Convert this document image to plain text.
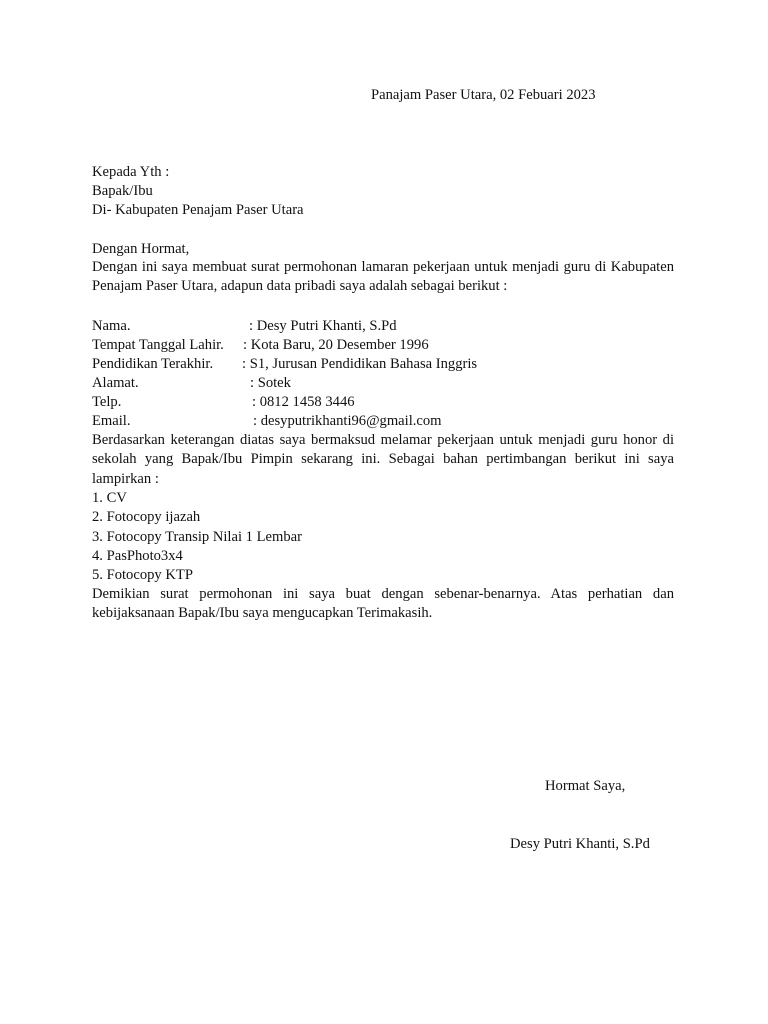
Panajam Paser Utara, 02 Febuari 2023
Kepada Yth :
Bapak/Ibu
Di- Kabupaten Penajam Paser Utara
Dengan Hormat,
Dengan ini saya membuat surat permohonan lamaran pekerjaan untuk menjadi guru di Kabupaten Penajam Paser Utara, adapun data pribadi saya adalah sebagai berikut :
Nama.	: Desy Putri Khanti, S.Pd
Tempat Tanggal Lahir. : Kota Baru, 20 Desember 1996
Pendidikan Terakhir. : S1, Jurusan Pendidikan Bahasa Inggris
Alamat.	: Sotek
Telp.	: 0812 1458 3446
Email.	: desyputrikhanti96@gmail.com
Berdasarkan keterangan diatas saya bermaksud melamar pekerjaan untuk menjadi guru honor di sekolah yang Bapak/Ibu Pimpin sekarang ini. Sebagai bahan pertimbangan berikut ini saya lampirkan :
1. CV
2. Fotocopy ijazah
3. Fotocopy Transip Nilai 1 Lembar
4. PasPhoto3x4
5. Fotocopy KTP
Demikian surat permohonan ini saya buat dengan sebenar-benarnya. Atas perhatian dan kebijaksanaan Bapak/Ibu saya mengucapkan Terimakasih.
Hormat Saya,
Desy Putri Khanti, S.Pd
